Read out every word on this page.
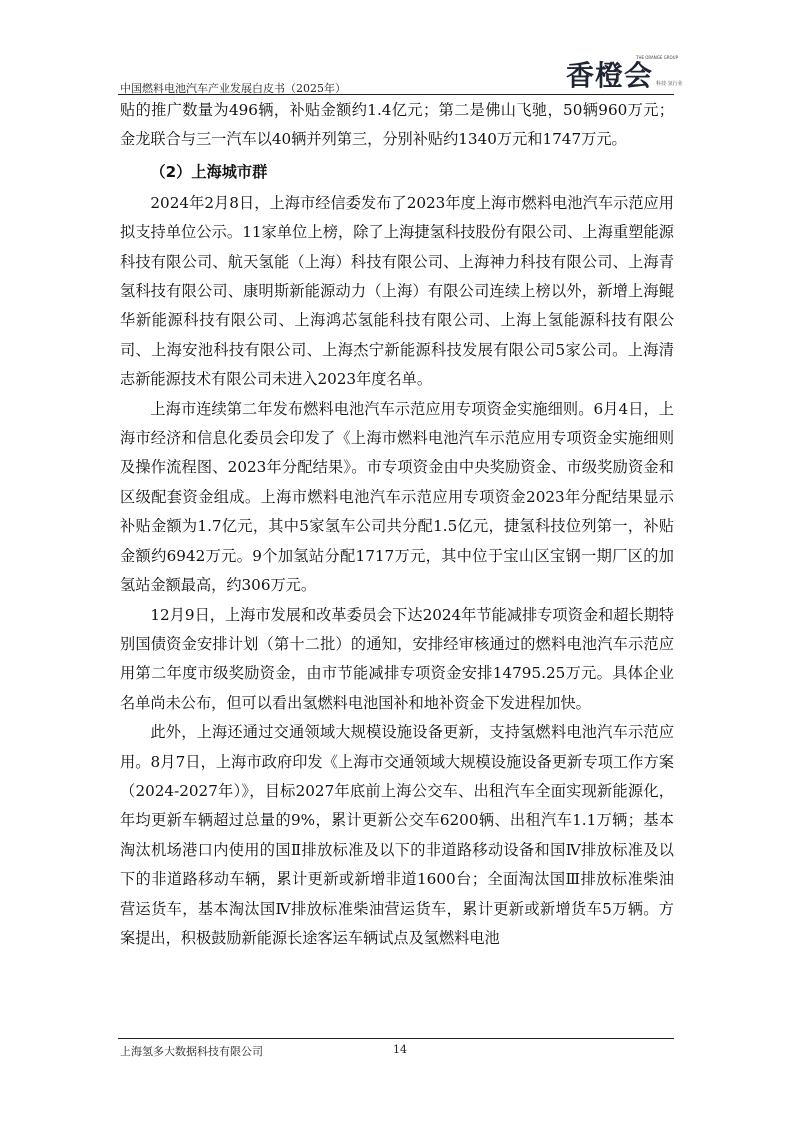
中国燃料电池汽车产业发展白皮书（2025年）	香橙会
THE ORANGE GROUP
科技·氢行业

贴的推广数量为496辆，补贴金额约1.4亿元；第二是佛山飞驰，50辆960万元；金龙联合与三一汽车以40辆并列第三，分别补贴约1340万元和1747万元。

（2）上海城市群

2024年2月8日，上海市经信委发布了2023年度上海市燃料电池汽车示范应用拟支持单位公示。11家单位上榜，除了上海捷氢科技股份有限公司、上海重塑能源科技有限公司、航天氢能（上海）科技有限公司、上海神力科技有限公司、上海青氢科技有限公司、康明斯新能源动力（上海）有限公司连续上榜以外，新增上海鲲华新能源科技有限公司、上海鸿芯氢能科技有限公司、上海上氢能源科技有限公司、上海安池科技有限公司、上海杰宁新能源科技发展有限公司5家公司。上海清志新能源技术有限公司未进入2023年度名单。

上海市连续第二年发布燃料电池汽车示范应用专项资金实施细则。6月4日，上海市经济和信息化委员会印发了《上海市燃料电池汽车示范应用专项资金实施细则及操作流程图、2023年分配结果》。市专项资金由中央奖励资金、市级奖励资金和区级配套资金组成。上海市燃料电池汽车示范应用专项资金2023年分配结果显示补贴金额为1.7亿元，其中5家氢车公司共分配1.5亿元，捷氢科技位列第一，补贴金额约6942万元。9个加氢站分配1717万元，其中位于宝山区宝钢一期厂区的加氢站金额最高，约306万元。

12月9日，上海市发展和改革委员会下达2024年节能减排专项资金和超长期特别国债资金安排计划（第十二批）的通知，安排经审核通过的燃料电池汽车示范应用第二年度市级奖励资金，由市节能减排专项资金安排14795.25万元。具体企业名单尚未公布，但可以看出氢燃料电池国补和地补资金下发进程加快。

此外，上海还通过交通领域大规模设施设备更新，支持氢燃料电池汽车示范应用。8月7日，上海市政府印发《上海市交通领域大规模设施设备更新专项工作方案（2024-2027年）》，目标2027年底前上海公交车、出租汽车全面实现新能源化，年均更新车辆超过总量的9%，累计更新公交车6200辆、出租汽车1.1万辆；基本淘汰机场港口内使用的国Ⅱ排放标准及以下的非道路移动设备和国Ⅳ排放标准及以下的非道路移动车辆，累计更新或新增非道1600台；全面淘汰国Ⅲ排放标准柴油营运货车，基本淘汰国Ⅳ排放标准柴油营运货车，累计更新或新增货车5万辆。方案提出，积极鼓励新能源长途客运车辆试点及氢燃料电池

上海氢多大数据科技有限公司	14
